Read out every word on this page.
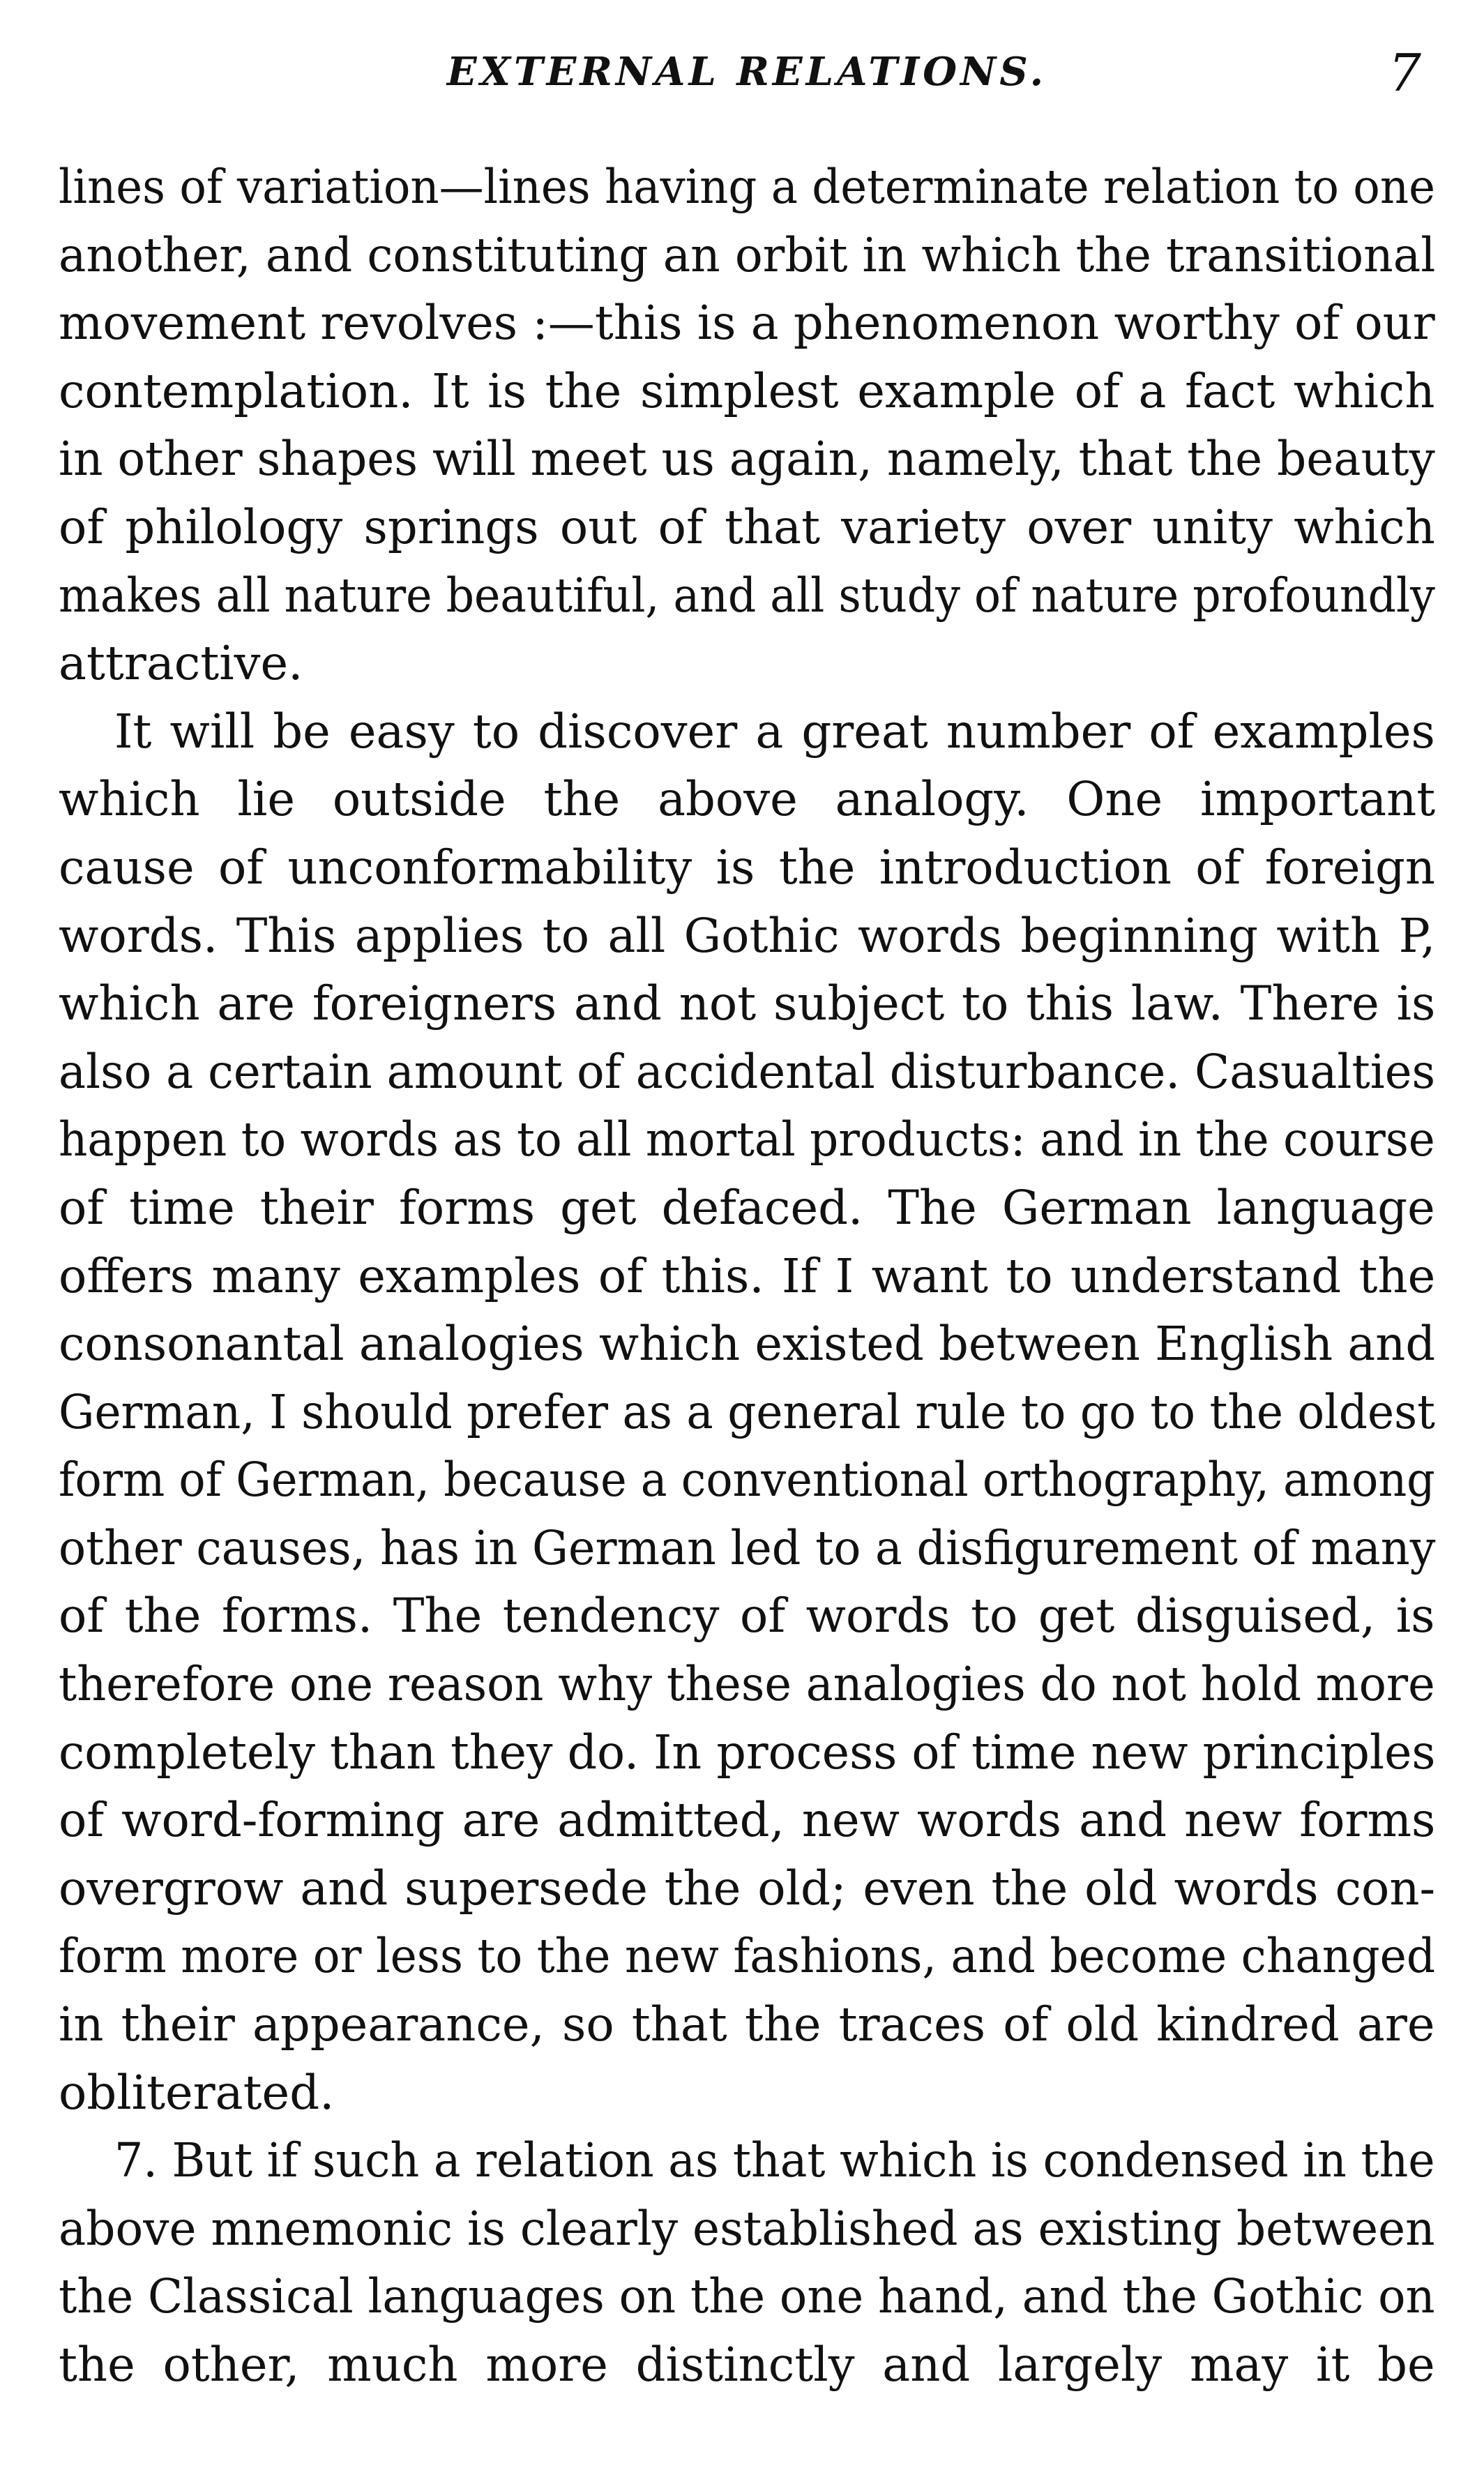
EXTERNAL RELATIONS.	7
lines of variation—lines having a determinate relation to one
another, and constituting an orbit in which the transitional
movement revolves :—this is a phenomenon worthy of our
contemplation. It is the simplest example of a fact which
in other shapes will meet us again, namely, that the beauty
of philology springs out of that variety over unity which
makes all nature beautiful, and all study of nature profoundly
attractive.
It will be easy to discover a great number of examples
which lie outside the above analogy. One important
cause of unconformability is the introduction of foreign
words. This applies to all Gothic words beginning with P,
which are foreigners and not subject to this law. There is
also a certain amount of accidental disturbance. Casualties
happen to words as to all mortal products: and in the course
of time their forms get defaced. The German language
offers many examples of this. If I want to understand the
consonantal analogies which existed between English and
German, I should prefer as a general rule to go to the oldest
form of German, because a conventional orthography, among
other causes, has in German led to a disfigurement of many
of the forms. The tendency of words to get disguised, is
therefore one reason why these analogies do not hold more
completely than they do. In process of time new principles
of word-forming are admitted, new words and new forms
overgrow and supersede the old; even the old words con-
form more or less to the new fashions, and become changed
in their appearance, so that the traces of old kindred are
obliterated.
7. But if such a relation as that which is condensed in the
above mnemonic is clearly established as existing between
the Classical languages on the one hand, and the Gothic on
the other, much more distinctly and largely may it be
